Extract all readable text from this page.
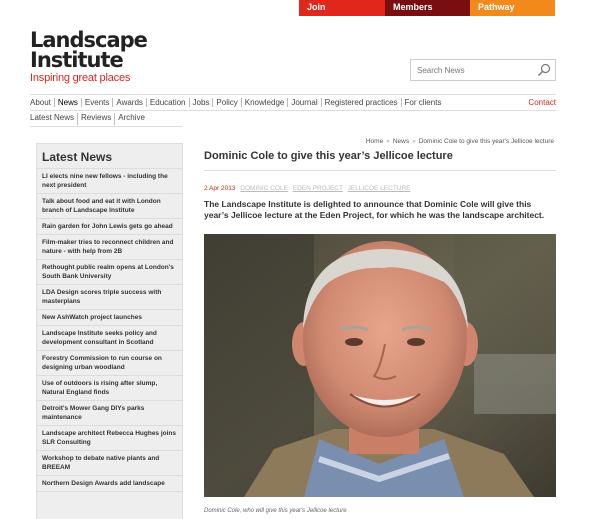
Join	Members	Pathway
Landscape
Institute
Inspiring great places
Search News
About News Events Awards Education Jobs Policy Knowledge Journal Registered practices For clients	Contact
Latest News Reviews Archive
Latest News
LI elects nine new fellows - including the next president
Talk about food and eat it with London branch of Landscape Institute
Rain garden for John Lewis gets go ahead
Film-maker tries to reconnect children and nature - with help from 2B
Rethought public realm opens at London's South Bank University
LDA Design scores triple success with masterplans
New AshWatch project launches
Landscape Institute seeks policy and development consultant in Scotland
Forestry Commission to run course on designing urban woodland
Use of outdoors is rising after slump, Natural England finds
Detroit's Mower Gang DIYs parks maintenance
Landscape architect Rebecca Hughes joins SLR Consulting
Workshop to debate native plants and BREEAM
Northern Design Awards add landscape
Home » News » Dominic Cole to give this year's Jellicoe lecture
Dominic Cole to give this year’s Jellicoe lecture
2 Apr 2013 DOMINIC COLE EDEN PROJECT JELLICOE LECTURE

The Landscape Institute is delighted to announce that Dominic Cole will give this year’s Jellicoe lecture at the Eden Project, for which he was the landscape architect.

Dominic Cole, who will give this year's Jellicoe lecture
